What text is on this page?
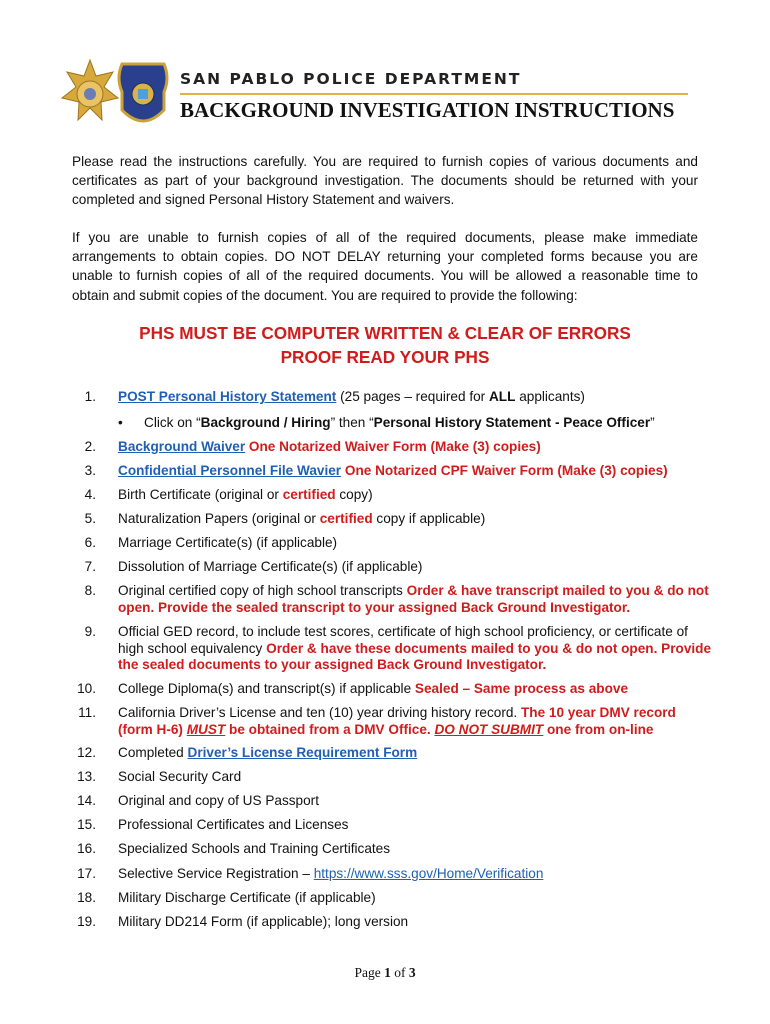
SAN PABLO POLICE DEPARTMENT
BACKGROUND INVESTIGATION INSTRUCTIONS

Please read the instructions carefully. You are required to furnish copies of various documents and certificates as part of your background investigation. The documents should be returned with your completed and signed Personal History Statement and waivers.

If you are unable to furnish copies of all of the required documents, please make immediate arrangements to obtain copies. DO NOT DELAY returning your completed forms because you are unable to furnish copies of all of the required documents. You will be allowed a reasonable time to obtain and submit copies of the document. You are required to provide the following:

PHS MUST BE COMPUTER WRITTEN & CLEAR OF ERRORS
PROOF READ YOUR PHS
1. POST Personal History Statement (25 pages – required for ALL applicants)
• Click on “Background / Hiring” then “Personal History Statement - Peace Officer”
2. Background Waiver One Notarized Waiver Form (Make (3) copies)
3. Confidential Personnel File Wavier One Notarized CPF Waiver Form (Make (3) copies)
4. Birth Certificate (original or certified copy)
5. Naturalization Papers (original or certified copy if applicable)
6. Marriage Certificate(s) (if applicable)
7. Dissolution of Marriage Certificate(s) (if applicable)
8. Original certified copy of high school transcripts Order & have transcript mailed to you & do not open. Provide the sealed transcript to your assigned Back Ground Investigator.
9. Official GED record, to include test scores, certificate of high school proficiency, or certificate of high school equivalency Order & have these documents mailed to you & do not open. Provide the sealed documents to your assigned Back Ground Investigator.
10. College Diploma(s) and transcript(s) if applicable Sealed – Same process as above
11. California Driver’s License and ten (10) year driving history record. The 10 year DMV record (form H-6) MUST be obtained from a DMV Office. DO NOT SUBMIT one from on-line
12. Completed Driver’s License Requirement Form
13. Social Security Card
14. Original and copy of US Passport
15. Professional Certificates and Licenses
16. Specialized Schools and Training Certificates
17. Selective Service Registration – https://www.sss.gov/Home/Verification
18. Military Discharge Certificate (if applicable)
19. Military DD214 Form (if applicable); long version
Page 1 of 3
